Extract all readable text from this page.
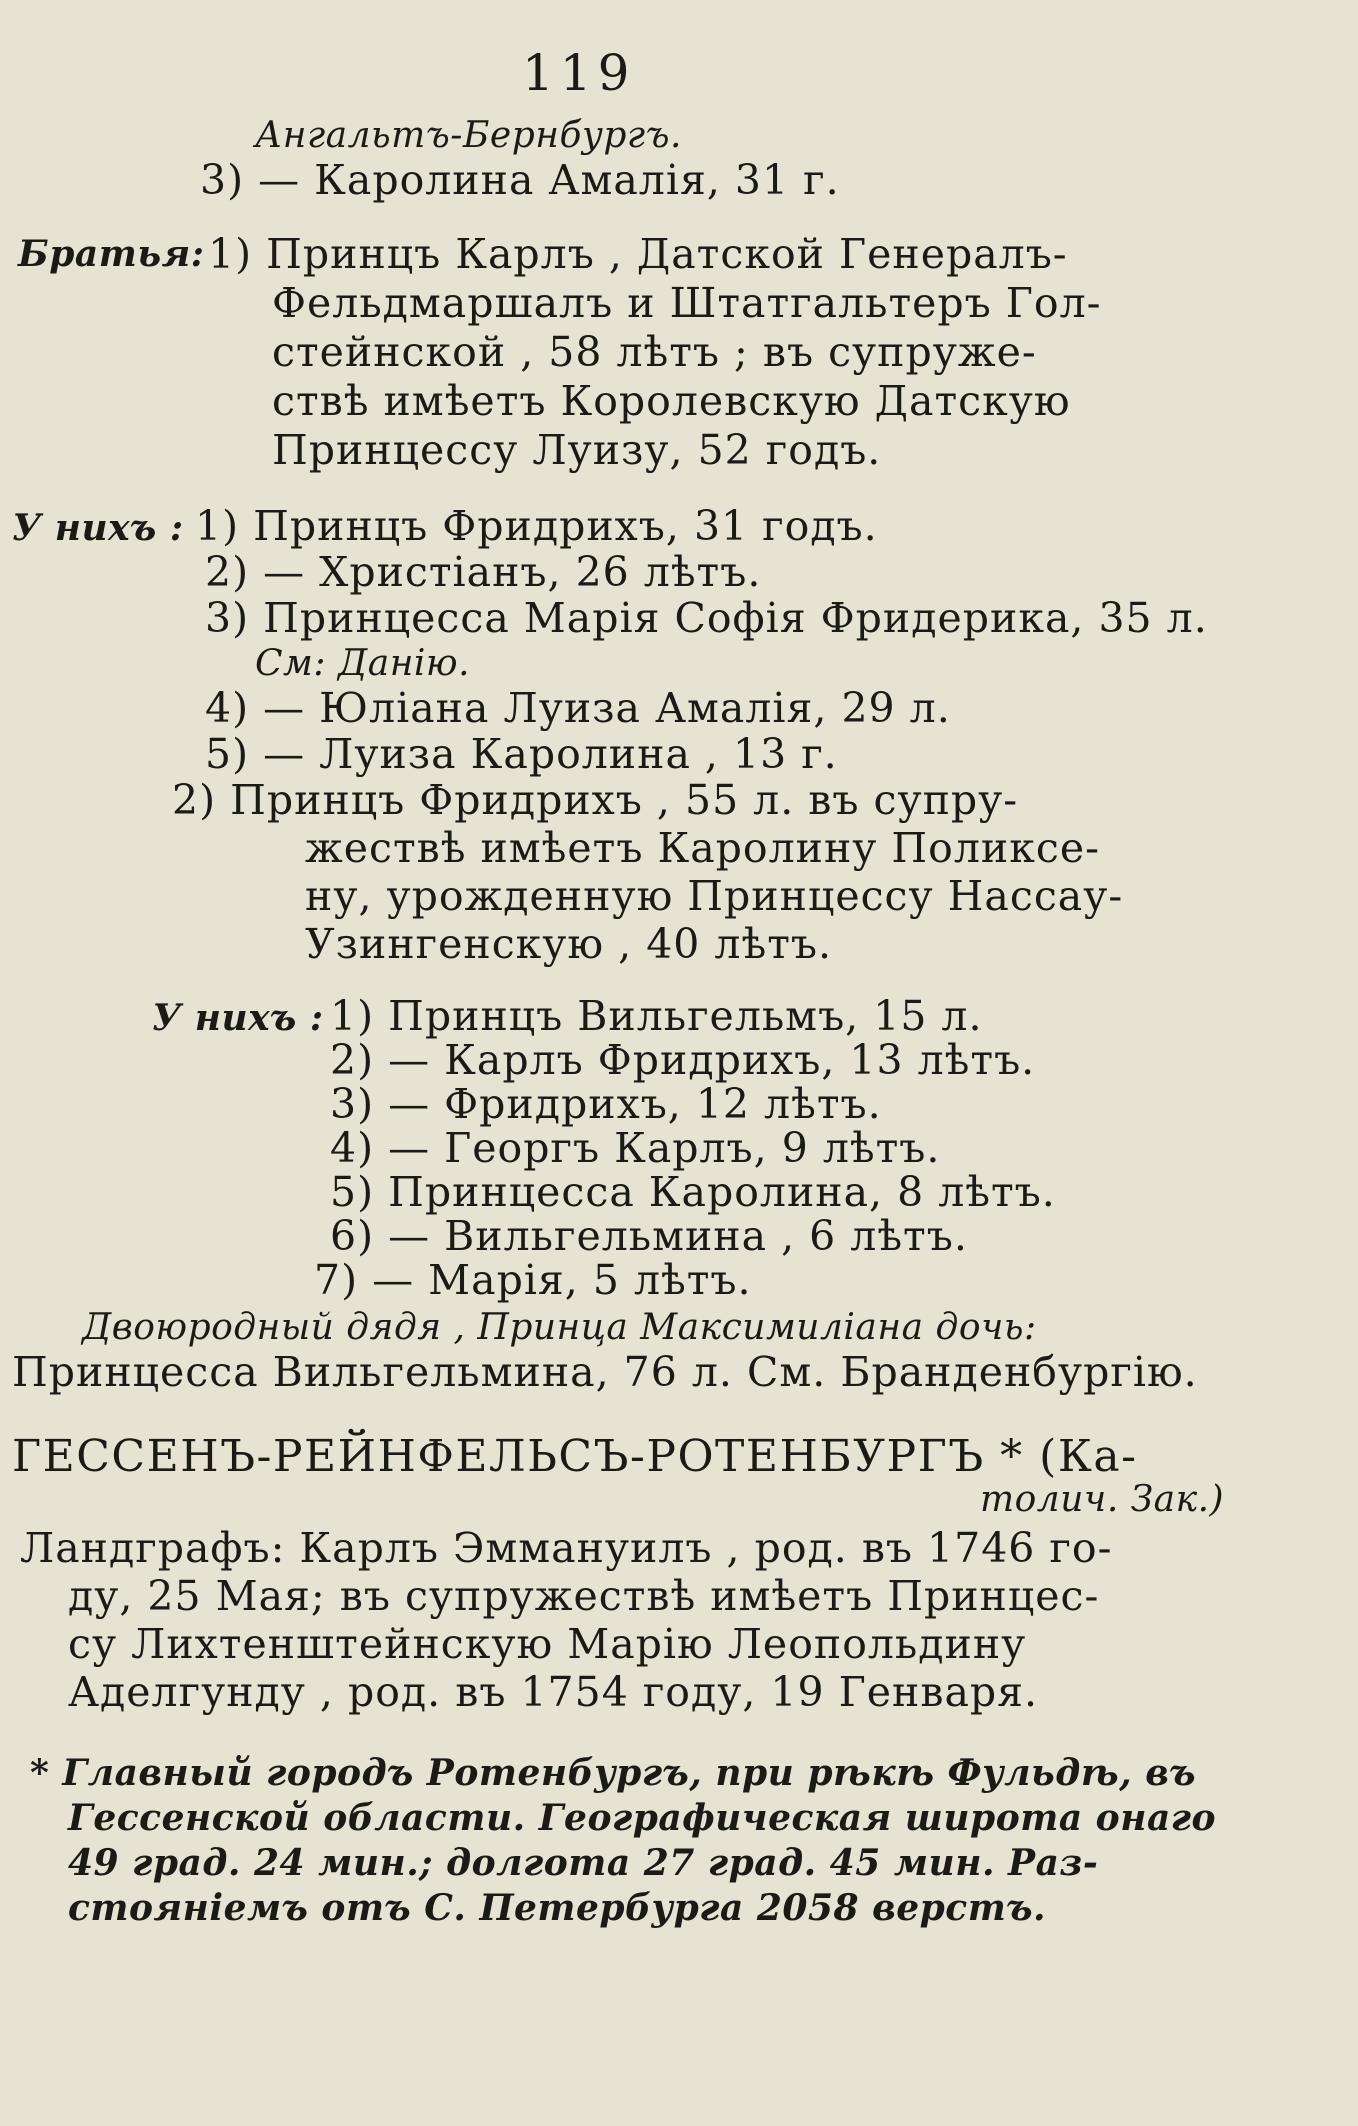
119
Ангальтъ-Бернбургъ.
3) — Каролина Амалія, 31 г.
Братья: 1) Принцъ Карлъ , Датской Генералъ-
Фельдмаршалъ и Штатгальтеръ Гол-
стейнской , 58 лѣтъ ; въ супруже-
ствѣ имѣетъ Королевскую Датскую
Принцессу Луизу, 52 годъ.
У нихъ : 1) Принцъ Фридрихъ, 31 годъ.
2) — Христіанъ, 26 лѣтъ.
3) Принцесса Марія Софія Фридерика, 35 л.
См: Данію.
4) — Юліана Луиза Амалія, 29 л.
5) — Луиза Каролина , 13 г.
2) Принцъ Фридрихъ , 55 л. въ супру-
жествѣ имѣетъ Каролину Поликсе-
ну, урожденную Принцессу Нассау-
Узингенскую , 40 лѣтъ.
У нихъ : 1) Принцъ Вильгельмъ, 15 л.
2) — Карлъ Фридрихъ, 13 лѣтъ.
3) — Фридрихъ, 12 лѣтъ.
4) — Георгъ Карлъ, 9 лѣтъ.
5) Принцесса Каролина, 8 лѣтъ.
6) — Вильгельмина , 6 лѣтъ.
7) — Марія, 5 лѣтъ.
Двоюродный дядя , Принца Максимиліана дочь:
Принцесса Вильгельмина, 76 л. См. Бранденбургію.
ГЕССЕНЪ-РЕЙНФЕЛЬСЪ-РОТЕНБУРГЪ * (Ка-
толич. Зак.)
Ландграфъ: Карлъ Эммануилъ , род. въ 1746 го-
ду, 25 Мая; въ супружествѣ имѣетъ Принцес-
су Лихтенштейнскую Марію Леопольдину
Аделгунду , род. въ 1754 году, 19 Генваря.
* Главный городъ Ротенбургъ, при рѣкѣ Фульдѣ, въ
Гессенской области. Географическая широта онаго
49 град. 24 мин.; долгота 27 град. 45 мин. Раз-
стояніемъ отъ С. Петербурга 2058 верстъ.
